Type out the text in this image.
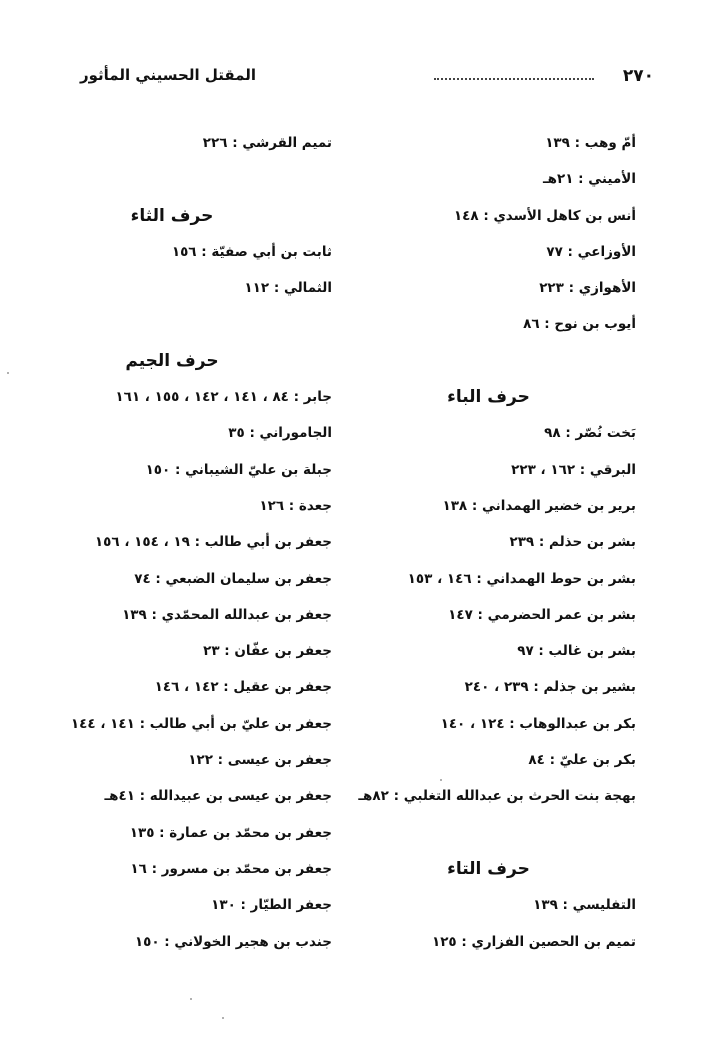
٢٧٠
المقتل الحسيني المأثور
أمّ وهب : ١٣٩
الأميني : ٢١هـ
أنس بن كاهل الأسدي : ١٤٨
الأوزاعي : ٧٧
الأهوازي : ٢٢٣
أيوب بن نوح : ٨٦
حرف الباء
بَخت نُصّر : ٩٨
البرقي : ١٦٢ ، ٢٢٣
برير بن خضير الهمداني : ١٣٨
بشر بن حذلم : ٢٣٩
بشر بن حوط الهمداني : ١٤٦ ، ١٥٣
بشر بن عمر الحضرمي : ١٤٧
بشر بن غالب : ٩٧
بشير بن جذلم : ٢٣٩ ، ٢٤٠
بكر بن عبدالوهاب : ١٢٤ ، ١٤٠
بكر بن عليّ : ٨٤
بهجة بنت الحرث بن عبدالله التغلبي : ٨٢هـ
حرف التاء
التفليسي : ١٣٩
تميم بن الحصين الفزاري : ١٢٥
تميم القرشي : ٢٢٦
حرف الثاء
ثابت بن أبي صفيّة : ١٥٦
الثمالي : ١١٢
حرف الجيم
جابر : ٨٤ ، ١٤١ ، ١٤٢ ، ١٥٥ ، ١٦١
الجاموراني : ٣٥
جبلة بن عليّ الشيباني : ١٥٠
جعدة : ١٢٦
جعفر بن أبي طالب : ١٩ ، ١٥٤ ، ١٥٦
جعفر بن سليمان الضبعي : ٧٤
جعفر بن عبدالله المحمّدي : ١٣٩
جعفر بن عفّان : ٢٣
جعفر بن عقيل : ١٤٢ ، ١٤٦
جعفر بن عليّ بن أبي طالب : ١٤١ ، ١٤٤
جعفر بن عيسى : ١٢٢
جعفر بن عيسى بن عبيدالله : ٤١هـ
جعفر بن محمّد بن عمارة : ١٣٥
جعفر بن محمّد بن مسرور : ١٦
جعفر الطيّار : ١٣٠
جندب بن هجير الخولاني : ١٥٠
